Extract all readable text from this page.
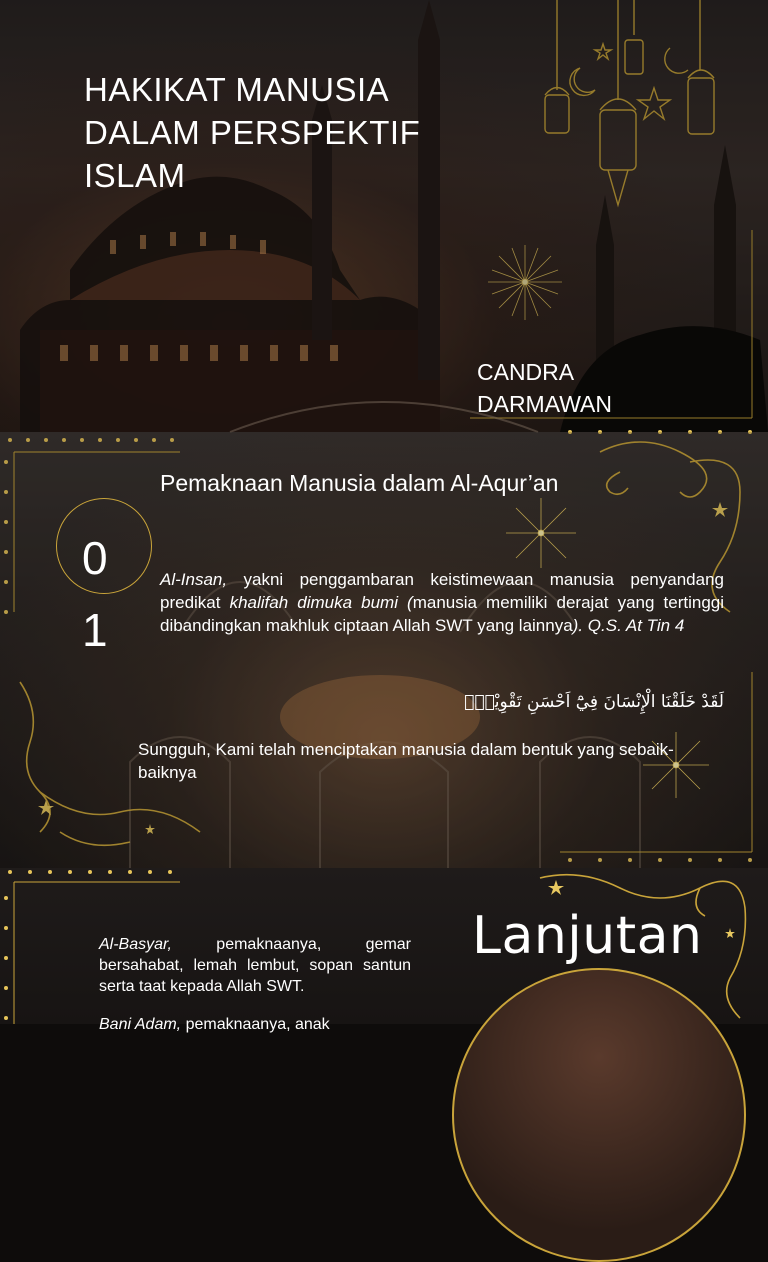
HAKIKAT MANUSIA
DALAM PERSPEKTIF
ISLAM
CANDRA
DARMAWAN
Pemaknaan Manusia dalam Al-Aqur’an
0
1
Al-Insan, yakni penggambaran keistimewaan manusia penyandang predikat khalifah dimuka bumi (manusia memiliki derajat yang tertinggi dibandingkan makhluk ciptaan Allah SWT yang lainnya). Q.S. At Tin 4
لَقَدْ خَلَقْنَا الْإِنْسَانَ فِيْٓ اَحْسَنِ تَقْوِيْمٍۖ
Sungguh, Kami telah menciptakan manusia dalam bentuk yang sebaik-baiknya
Lanjutan
Al-Basyar, pemaknaanya, gemar bersahabat, lemah lembut, sopan santun serta taat kepada Allah SWT.
Bani Adam, pemaknaanya, anak
